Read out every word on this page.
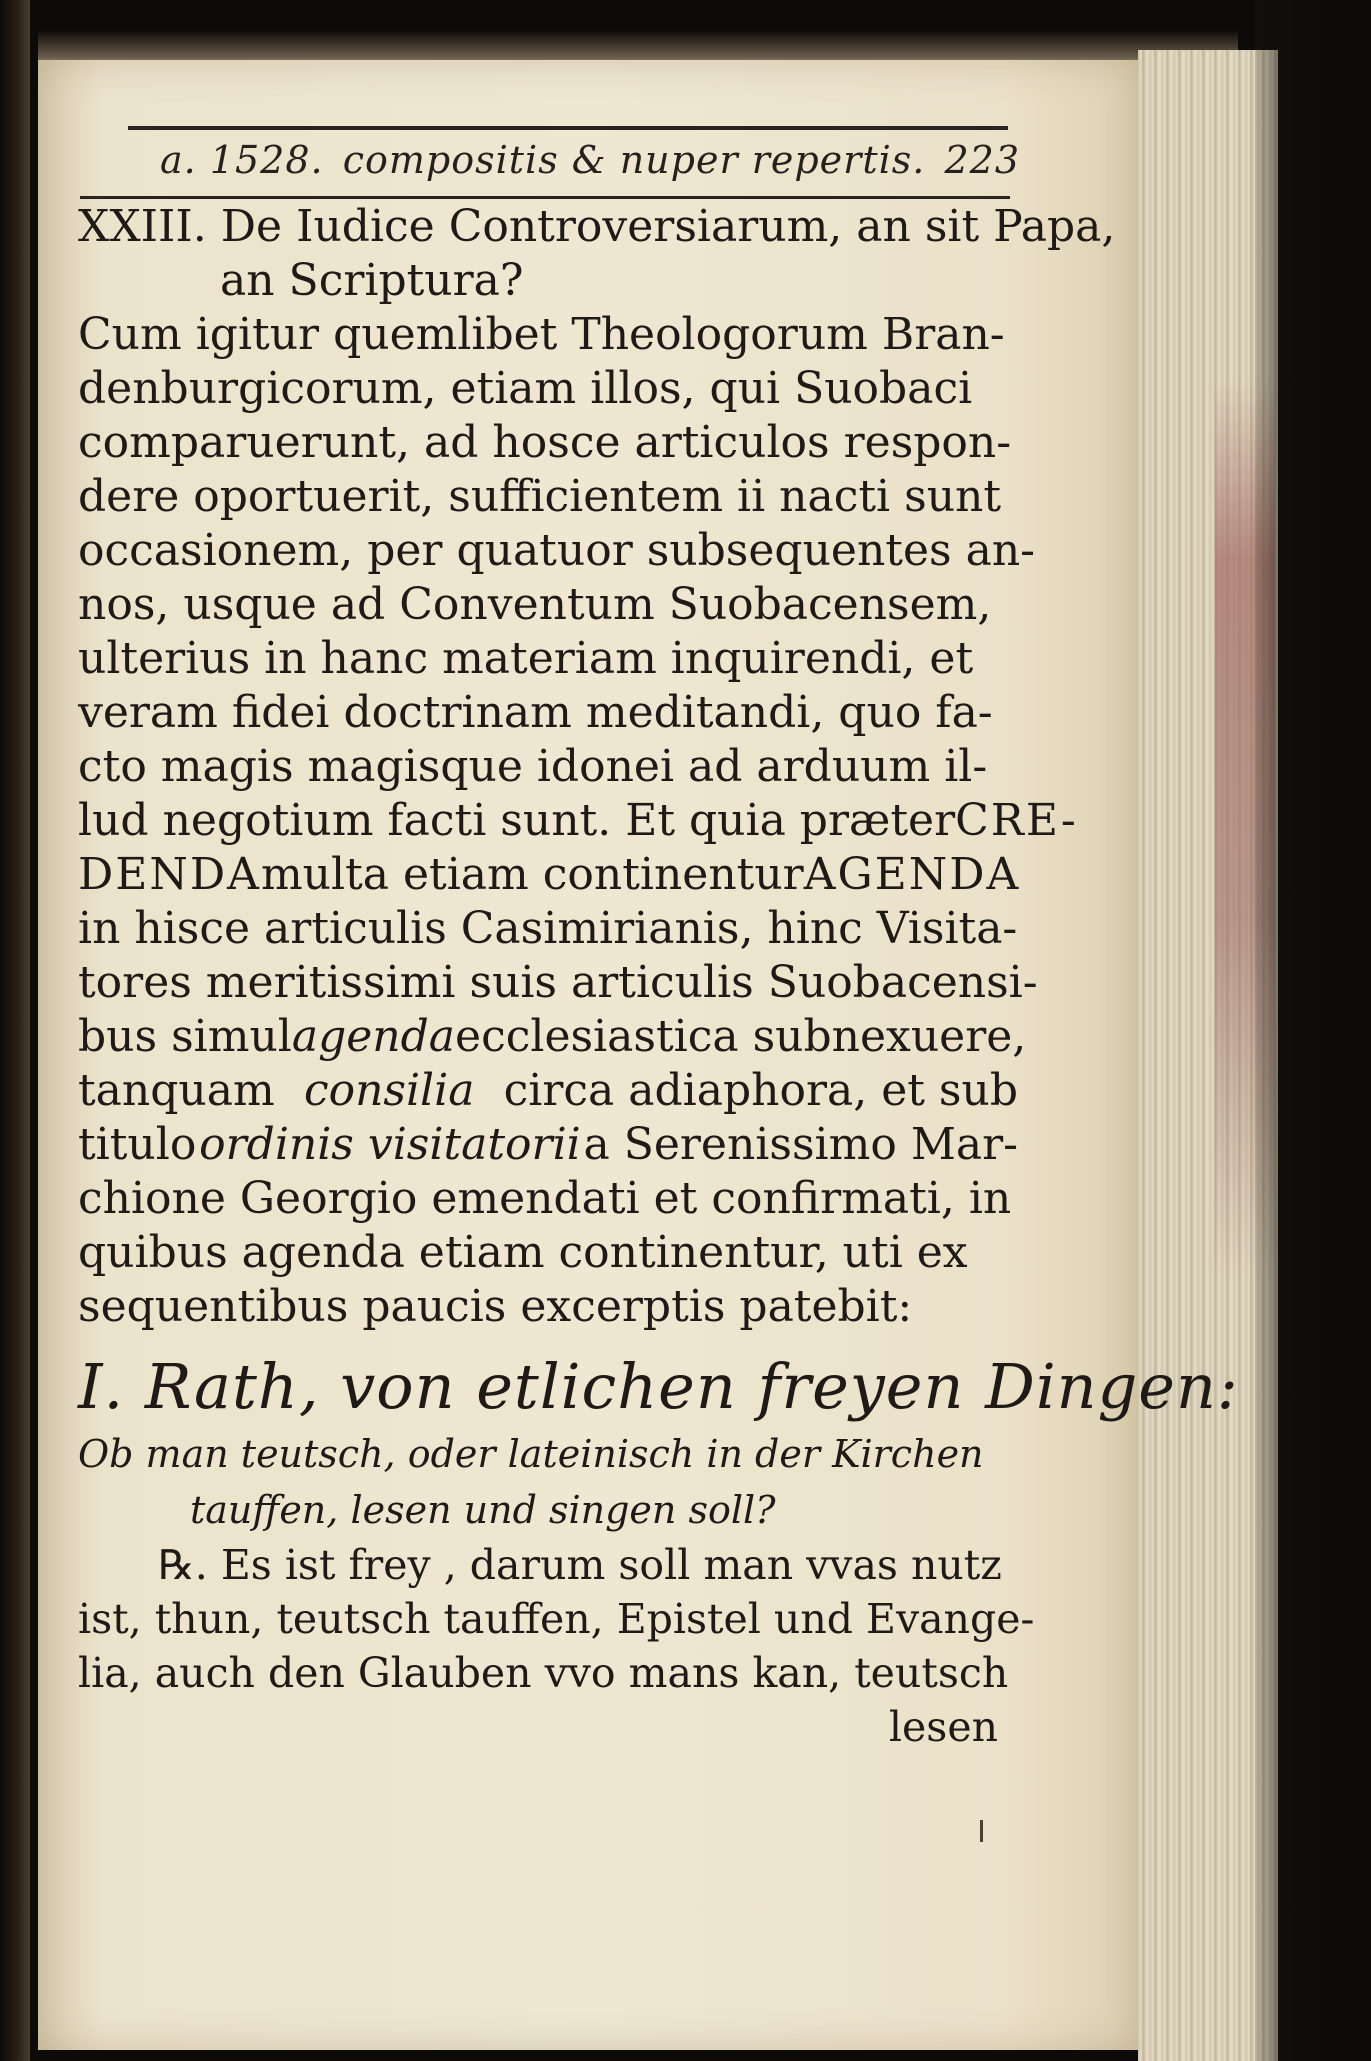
a. 1528. compositis & nuper repertis. 223
XXIII. De Iudice Controversiarum, an sit Papa,
an Scriptura?
Cum igitur quemlibet Theologorum Bran-
denburgicorum, etiam illos, qui Suobaci
comparuerunt, ad hosce articulos respon-
dere oportuerit, sufficientem ii nacti sunt
occasionem, per quatuor subsequentes an-
nos, usque ad Conventum Suobacensem,
ulterius in hanc materiam inquirendi, et
veram fidei doctrinam meditandi, quo fa-
cto magis magisque idonei ad arduum il-
lud negotium facti sunt. Et quia præter CRE-
DENDA multa etiam continentur AGENDA
in hisce articulis Casimirianis, hinc Visita-
tores meritissimi suis articulis Suobacensi-
bus simul agenda ecclesiastica subnexuere,
tanquam consilia circa adiaphora, et sub
titulo ordinis visitatorii a Serenissimo Mar-
chione Georgio emendati et confirmati, in
quibus agenda etiam continentur, uti ex
sequentibus paucis excerptis patebit:
I. Rath, von etlichen freyen Dingen:
Ob man teutsch, oder lateinisch in der Kirchen
tauffen, lesen und singen soll?
℞. Es ist frey , darum soll man vvas nutz
ist, thun, teutsch tauffen, Epistel und Evange-
lia, auch den Glauben vvo mans kan, teutsch
lesen
